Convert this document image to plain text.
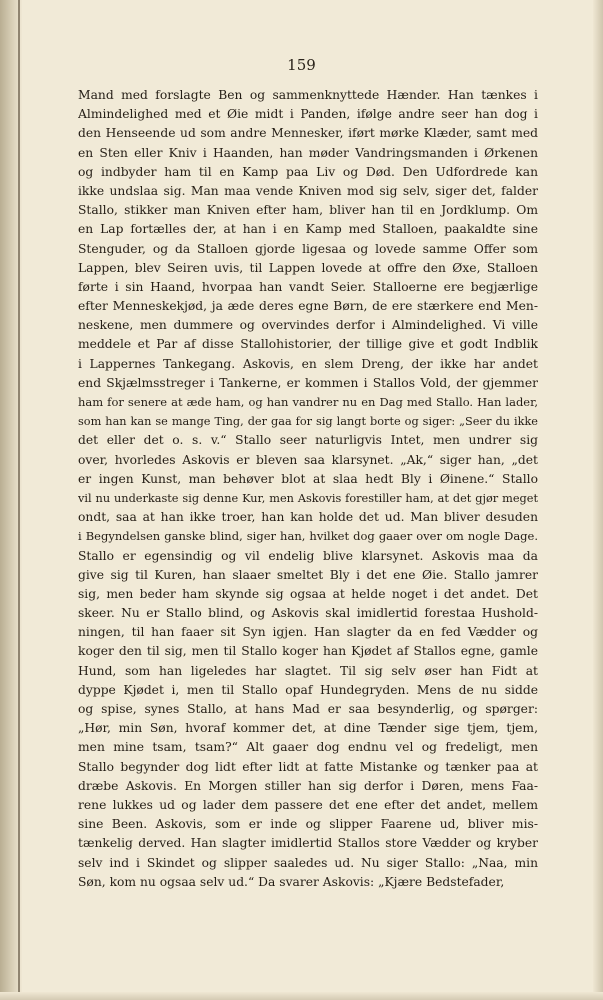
159
Mand med forslagte Ben og sammenknyttede Hænder. Han tænkes i
Almindelighed med et Øie midt i Panden, ifølge andre seer han dog i
den Henseende ud som andre Mennesker, iført mørke Klæder, samt med
en Sten eller Kniv i Haanden, han møder Vandringsmanden i Ørkenen
og indbyder ham til en Kamp paa Liv og Død. Den Udfordrede kan
ikke undslaa sig. Man maa vende Kniven mod sig selv, siger det, falder
Stallo, stikker man Kniven efter ham, bliver han til en Jordklump. Om
en Lap fortælles der, at han i en Kamp med Stalloen, paakaldte sine
Stenguder, og da Stalloen gjorde ligesaa og lovede samme Offer som
Lappen, blev Seiren uvis, til Lappen lovede at offre den Øxe, Stalloen
førte i sin Haand, hvorpaa han vandt Seier. Stalloerne ere begjærlige
efter Menneskekjød, ja æde deres egne Børn, de ere stærkere end Men-
neskene, men dummere og overvindes derfor i Almindelighed. Vi ville
meddele et Par af disse Stallohistorier, der tillige give et godt Indblik
i Lappernes Tankegang. Askovis, en slem Dreng, der ikke har andet
end Skjælmsstreger i Tankerne, er kommen i Stallos Vold, der gjemmer
ham for senere at æde ham, og han vandrer nu en Dag med Stallo. Han lader,
som han kan se mange Ting, der gaa for sig langt borte og siger: „Seer du ikke
det eller det o. s. v.“ Stallo seer naturligvis Intet, men undrer sig
over, hvorledes Askovis er bleven saa klarsynet. „Ak,“ siger han, „det
er ingen Kunst, man behøver blot at slaa hedt Bly i Øinene.“ Stallo
vil nu underkaste sig denne Kur, men Askovis forestiller ham, at det gjør meget
ondt, saa at han ikke troer, han kan holde det ud. Man bliver desuden
i Begyndelsen ganske blind, siger han, hvilket dog gaaer over om nogle Dage.
Stallo er egensindig og vil endelig blive klarsynet. Askovis maa da
give sig til Kuren, han slaaer smeltet Bly i det ene Øie. Stallo jamrer
sig, men beder ham skynde sig ogsaa at helde noget i det andet. Det
skeer. Nu er Stallo blind, og Askovis skal imidlertid forestaa Hushold-
ningen, til han faaer sit Syn igjen. Han slagter da en fed Vædder og
koger den til sig, men til Stallo koger han Kjødet af Stallos egne, gamle
Hund, som han ligeledes har slagtet. Til sig selv øser han Fidt at
dyppe Kjødet i, men til Stallo opaf Hundegryden. Mens de nu sidde
og spise, synes Stallo, at hans Mad er saa besynderlig, og spørger:
„Hør, min Søn, hvoraf kommer det, at dine Tænder sige tjem, tjem,
men mine tsam, tsam?“ Alt gaaer dog endnu vel og fredeligt, men
Stallo begynder dog lidt efter lidt at fatte Mistanke og tænker paa at
dræbe Askovis. En Morgen stiller han sig derfor i Døren, mens Faa-
rene lukkes ud og lader dem passere det ene efter det andet, mellem
sine Been. Askovis, som er inde og slipper Faarene ud, bliver mis-
tænkelig derved. Han slagter imidlertid Stallos store Vædder og kryber
selv ind i Skindet og slipper saaledes ud. Nu siger Stallo: „Naa, min
Søn, kom nu ogsaa selv ud.“ Da svarer Askovis: „Kjære Bedstefader,
